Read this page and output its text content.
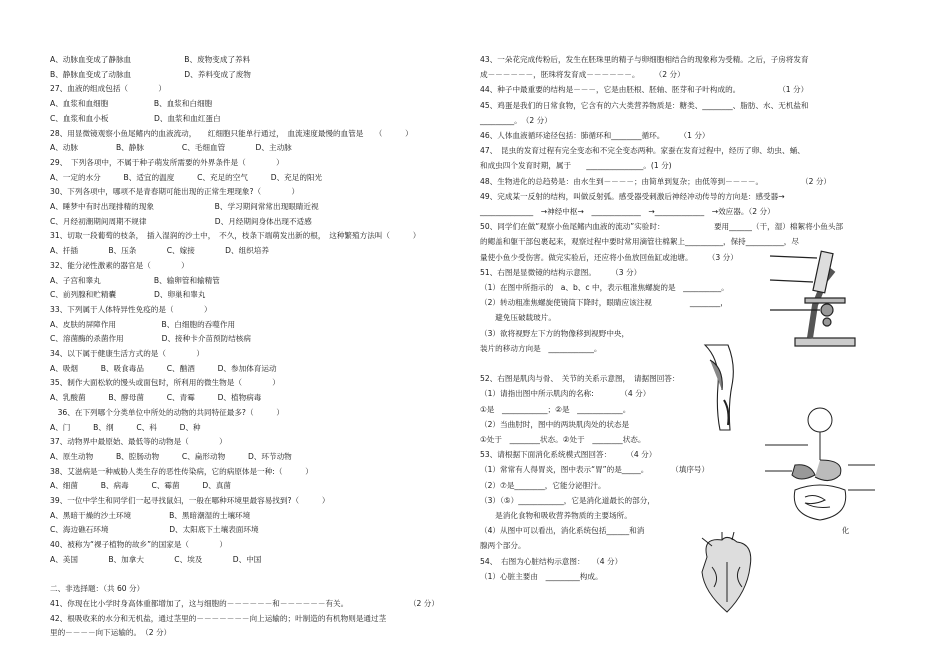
A、动脉血变成了静脉血　　　　　　　B、废物变成了养料
B、静脉血变成了动脉血　　　　　　　D、养料变成了废物
27、血液的组成包括（　　　　）
A、血浆和血细胞　　　　　　B、血浆和白细胞
C、血浆和血小板　　　　　　D、血浆和血红蛋白
28、用显微镜观察小鱼尾鳍内的血液流动，　　红细胞只能单行通过，　血流速度最慢的血管是　　（　　　）
A、动脉　　　　　B、静脉　　　　　C、毛细血管　　　　D、主动脉
29、　下列各项中，不属于种子萌发所需要的外界条件是（　　　　）
A、一定的水分　　　B、适宜的温度　　　C、充足的空气　　　D、充足的阳光
30、下列各项中，哪项不是青春期可能出现的正常生理现象?（　　　　）
A、睡梦中有时出现排精的现象　　　　　　　　B、学习期间常常出现眼睛近视
C、月经初潮期间周期不规律　　　　　　　　　D、月经期间身体出现不适感
31、切取一段葡萄的枝条，　插入湿润的沙土中，　不久，枝条下端萌发出新的根，　这种繁殖方法叫（　　　）
A、扦插　　　　B、压条　　　　C、嫁接　　　　D、组织培养
32、能分泌性激素的器官是（　　　　）
A、子宫和睾丸　　　　　　　B、输卵管和输精管
C、前列腺和贮精囊　　　　　D、卵巢和睾丸
33、下列属于人体特异性免疫的是（　　　　）
A、皮肤的屏障作用　　　　　　B、白细胞的吞噬作用
C、溶菌酶的杀菌作用　　　　　D、接种卡介苗预防结核病
34、以下属于健康生活方式的是（　　　　）
A、吸烟　　　B、吸食毒品　　　C、酗酒　　　D、参加体育运动
35、制作大面松软的馒头或面包时，所利用的微生物是（　　　　）
A、乳酸菌　　　B、酵母菌　　　C、青霉　　　D、植物病毒
　36、在下列哪个分类单位中所处的动物的共同特征最多?（　　　）
A、门　　　B、纲　　　C、科　　　D、种
37、动物界中最原始、最低等的动物是（　　　　）
A、原生动物　　　B、腔肠动物　　　C、扁形动物　　　D、环节动物
38、艾滋病是一种威胁人类生存的恶性传染病，它的病原体是一种:（　　　）
A、细菌　　　B、病毒　　　C、霉菌　　　D、真菌
39、一位中学生和同学们一起寻找鼠妇，一般在哪种环境里最容易找到?（　　　）
A、黑暗干燥的沙土环境　　　　　B、黑暗潮湿的土壤环境
C、海边礁石环境　　　　　　　　D、太阳底下土壤表面环境
40、被称为“裸子植物的故乡”的国家是（　　　　）
A、美国　　　　B、加拿大　　　　C、埃及　　　　D、中国
二、非选择题：（共 60 分）
41、你现在比小学时身高体重都增加了，这与细胞的－－－－－－和－－－－－－有关。　　　　　　　　　（2 分）
42、根吸收来的水分和无机盐，通过茎里的－－－－－－－向上运输的；叶制造的有机物则是通过茎
里的－－－－向下运输的。　（2 分）
43、一朵花完成传粉后，发生在胚珠里的精子与卵细胞相结合的现象称为受精。之后，子房将发育
成－－－－－－，胚珠将发育成－－－－－－。　　　（2 分）
44、种子中最重要的结构是－－－，它是由胚根、胚轴、胚芽和子叶构成的。　　　　　　（1 分）
45、鸡蛋是我们的日常食物，它含有的六大类营养物质是：糖类、________、脂肪、水、无机盐和
_________。　（2 分）
46、人体血液循环途径包括：肺循环和________循环。　　　（1 分）
47、　昆虫的发育过程有完全变态和不完全变态两种。家蚕在发育过程中，经历了卵、幼虫、蛹、
和成虫四个发育时期，属于　　_______________。(1 分)
48、生物进化的总趋势是：由水生到－－－－；由简单到复杂；由低等到－－－－。　　　　　　（2 分）
49、完成某一反射的结构，叫做反射弧。感受器受刺激后神经冲动传导的方向是：感受器→
______________　→神经中枢→　_____________　→_____________　→效应器。（2 分）
50、同学们在做“观察小鱼尾鳍内血液的流动”实验时：　　　　　　　要用______（干，湿）棉絮将小鱼头部
的鳃盖和躯干部包裹起来，观察过程中要时常用滴管往棉絮上__________，保持__________，尽
量使小鱼少受伤害。做完实验后，还应将小鱼放回鱼缸或池塘。　　　（3 分）
51、右图是显微镜的结构示意图。　　　（3 分）
（1）在图中所指示的　a、b、c 中，表示粗准焦螺旋的是　__________。
（2）转动粗准焦螺旋使镜筒下降时，眼睛应该注视　　　　　________，
　　避免压破载玻片。
（3）欲将视野左下方的物像移到视野中央，
装片的移动方向是　____________。
52、右图是肌肉与骨、　关节的关系示意图，　请据图回答：
（1）请指出图中所示肌肉的名称:　　　　（4 分）
①是　____________；②是　____________。
（2）当曲肘时，图中的两块肌肉处的状态是
①处于　________状态。②处于　________状态。
53、请根据下面消化系统模式图回答：　　　（4 分）
（1）常常有人得胃炎，图中表示“胃”的是_____。　　　　（填序号）
（2）⑦是________，它能分泌胆汁。
（3）（⑤）____________，它是消化道最长的部分，
　　是消化食物和吸收营养物质的主要场所。
（4）从图中可以看出，消化系统包括______和消　　　　　　　　　　　　　　　　　　　　　　　　　　化
腺两个部分。
54、　右图为心脏结构示意图：　　（4 分）
（1）心脏主要由　_________构成。
